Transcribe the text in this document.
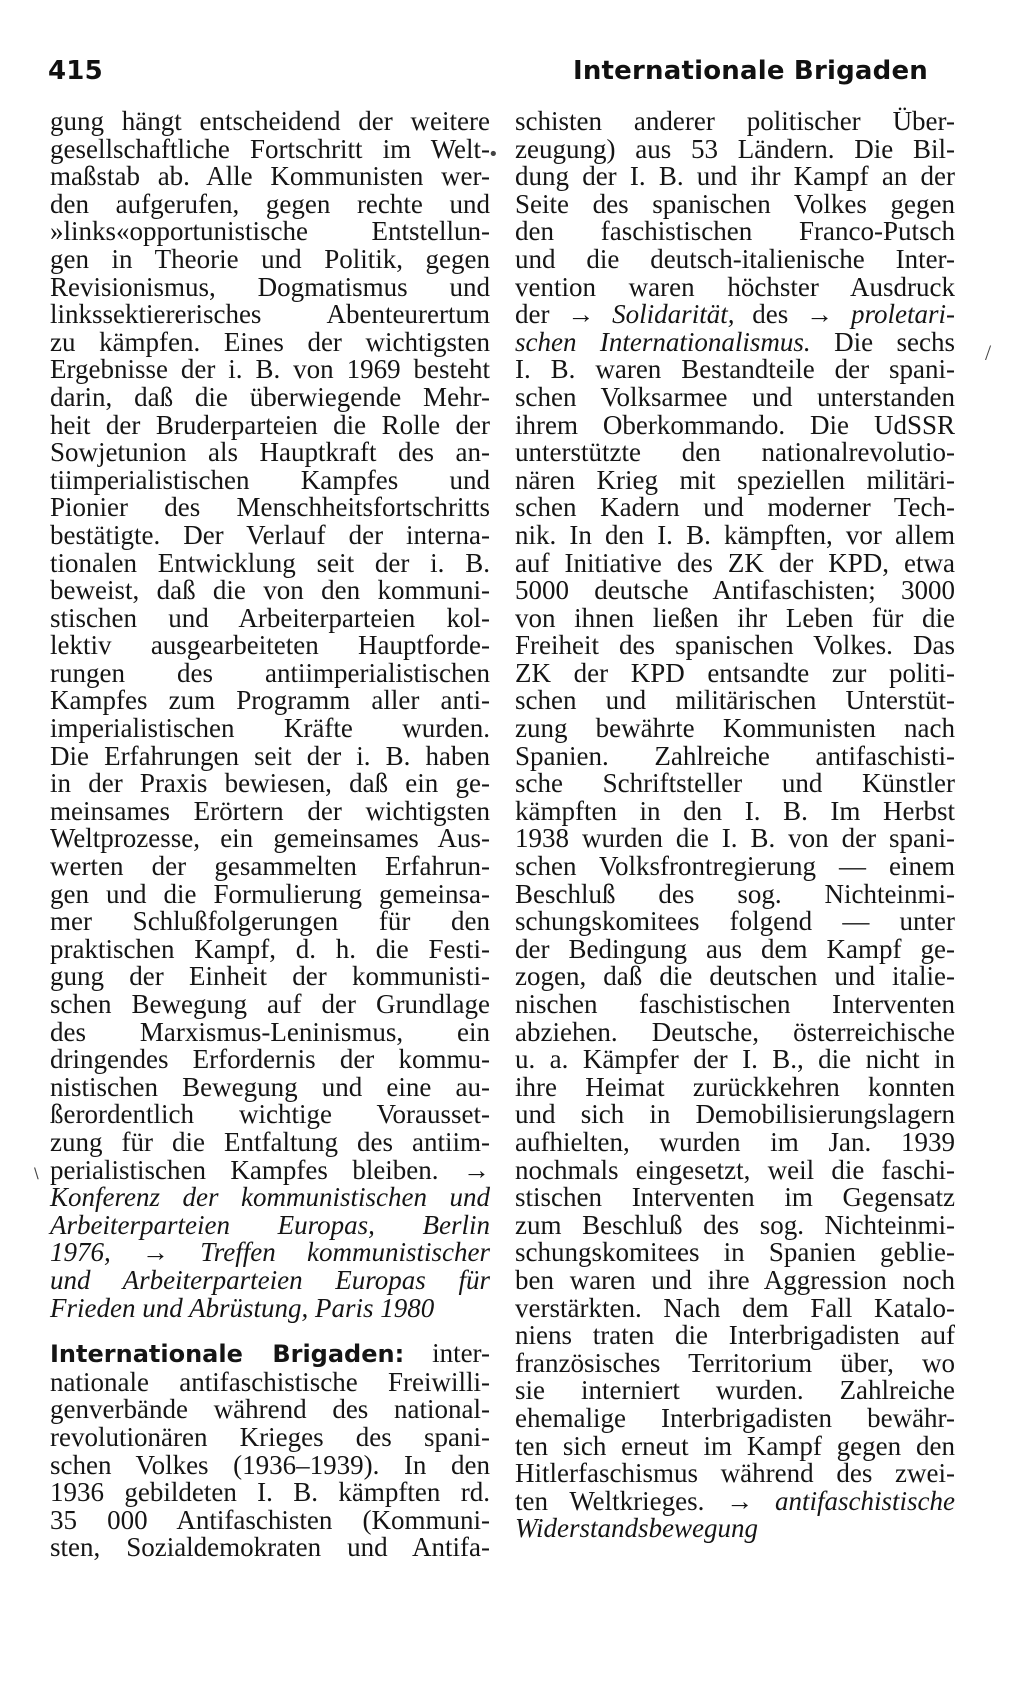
415	Internationale Brigaden
•
/
\
gung hängt entscheidend der weitere
gesellschaftliche Fortschritt im Welt-
maßstab ab. Alle Kommunisten wer-
den aufgerufen, gegen rechte und
»links«opportunistische Entstellun-
gen in Theorie und Politik, gegen
Revisionismus, Dogmatismus und
linkssektiererisches Abenteurertum
zu kämpfen. Eines der wichtigsten
Ergebnisse der i. B. von 1969 besteht
darin, daß die überwiegende Mehr-
heit der Bruderparteien die Rolle der
Sowjetunion als Hauptkraft des an-
tiimperialistischen Kampfes und
Pionier des Menschheitsfortschritts
bestätigte. Der Verlauf der interna-
tionalen Entwicklung seit der i. B.
beweist, daß die von den kommuni-
stischen und Arbeiterparteien kol-
lektiv ausgearbeiteten Hauptforde-
rungen des antiimperialistischen
Kampfes zum Programm aller anti-
imperialistischen Kräfte wurden.
Die Erfahrungen seit der i. B. haben
in der Praxis bewiesen, daß ein ge-
meinsames Erörtern der wichtigsten
Weltprozesse, ein gemeinsames Aus-
werten der gesammelten Erfahrun-
gen und die Formulierung gemeinsa-
mer Schlußfolgerungen für den
praktischen Kampf, d. h. die Festi-
gung der Einheit der kommunisti-
schen Bewegung auf der Grundlage
des Marxismus-Leninismus, ein
dringendes Erfordernis der kommu-
nistischen Bewegung und eine au-
ßerordentlich wichtige Vorausset-
zung für die Entfaltung des antiim-
perialistischen Kampfes bleiben. →
Konferenz der kommunistischen und
Arbeiterparteien Europas, Berlin
1976, → Treffen kommunistischer
und Arbeiterparteien Europas für
Frieden und Abrüstung, Paris 1980
Internationale Brigaden: inter-
nationale antifaschistische Freiwilli-
genverbände während des national-
revolutionären Krieges des spani-
schen Volkes (1936–1939). In den
1936 gebildeten I. B. kämpften rd.
35 000 Antifaschisten (Kommuni-
sten, Sozialdemokraten und Antifa-
schisten anderer politischer Über-
zeugung) aus 53 Ländern. Die Bil-
dung der I. B. und ihr Kampf an der
Seite des spanischen Volkes gegen
den faschistischen Franco-Putsch
und die deutsch-italienische Inter-
vention waren höchster Ausdruck
der → Solidarität, des → proletari-
schen Internationalismus. Die sechs
I. B. waren Bestandteile der spani-
schen Volksarmee und unterstanden
ihrem Oberkommando. Die UdSSR
unterstützte den nationalrevolutio-
nären Krieg mit speziellen militäri-
schen Kadern und moderner Tech-
nik. In den I. B. kämpften, vor allem
auf Initiative des ZK der KPD, etwa
5000 deutsche Antifaschisten; 3000
von ihnen ließen ihr Leben für die
Freiheit des spanischen Volkes. Das
ZK der KPD entsandte zur politi-
schen und militärischen Unterstüt-
zung bewährte Kommunisten nach
Spanien. Zahlreiche antifaschisti-
sche Schriftsteller und Künstler
kämpften in den I. B. Im Herbst
1938 wurden die I. B. von der spani-
schen Volksfrontregierung — einem
Beschluß des sog. Nichteinmi-
schungskomitees folgend — unter
der Bedingung aus dem Kampf ge-
zogen, daß die deutschen und italie-
nischen faschistischen Interventen
abziehen. Deutsche, österreichische
u. a. Kämpfer der I. B., die nicht in
ihre Heimat zurückkehren konnten
und sich in Demobilisierungslagern
aufhielten, wurden im Jan. 1939
nochmals eingesetzt, weil die faschi-
stischen Interventen im Gegensatz
zum Beschluß des sog. Nichteinmi-
schungskomitees in Spanien geblie-
ben waren und ihre Aggression noch
verstärkten. Nach dem Fall Katalo-
niens traten die Interbrigadisten auf
französisches Territorium über, wo
sie interniert wurden. Zahlreiche
ehemalige Interbrigadisten bewähr-
ten sich erneut im Kampf gegen den
Hitlerfaschismus während des zwei-
ten Weltkrieges. → antifaschistische
Widerstandsbewegung
